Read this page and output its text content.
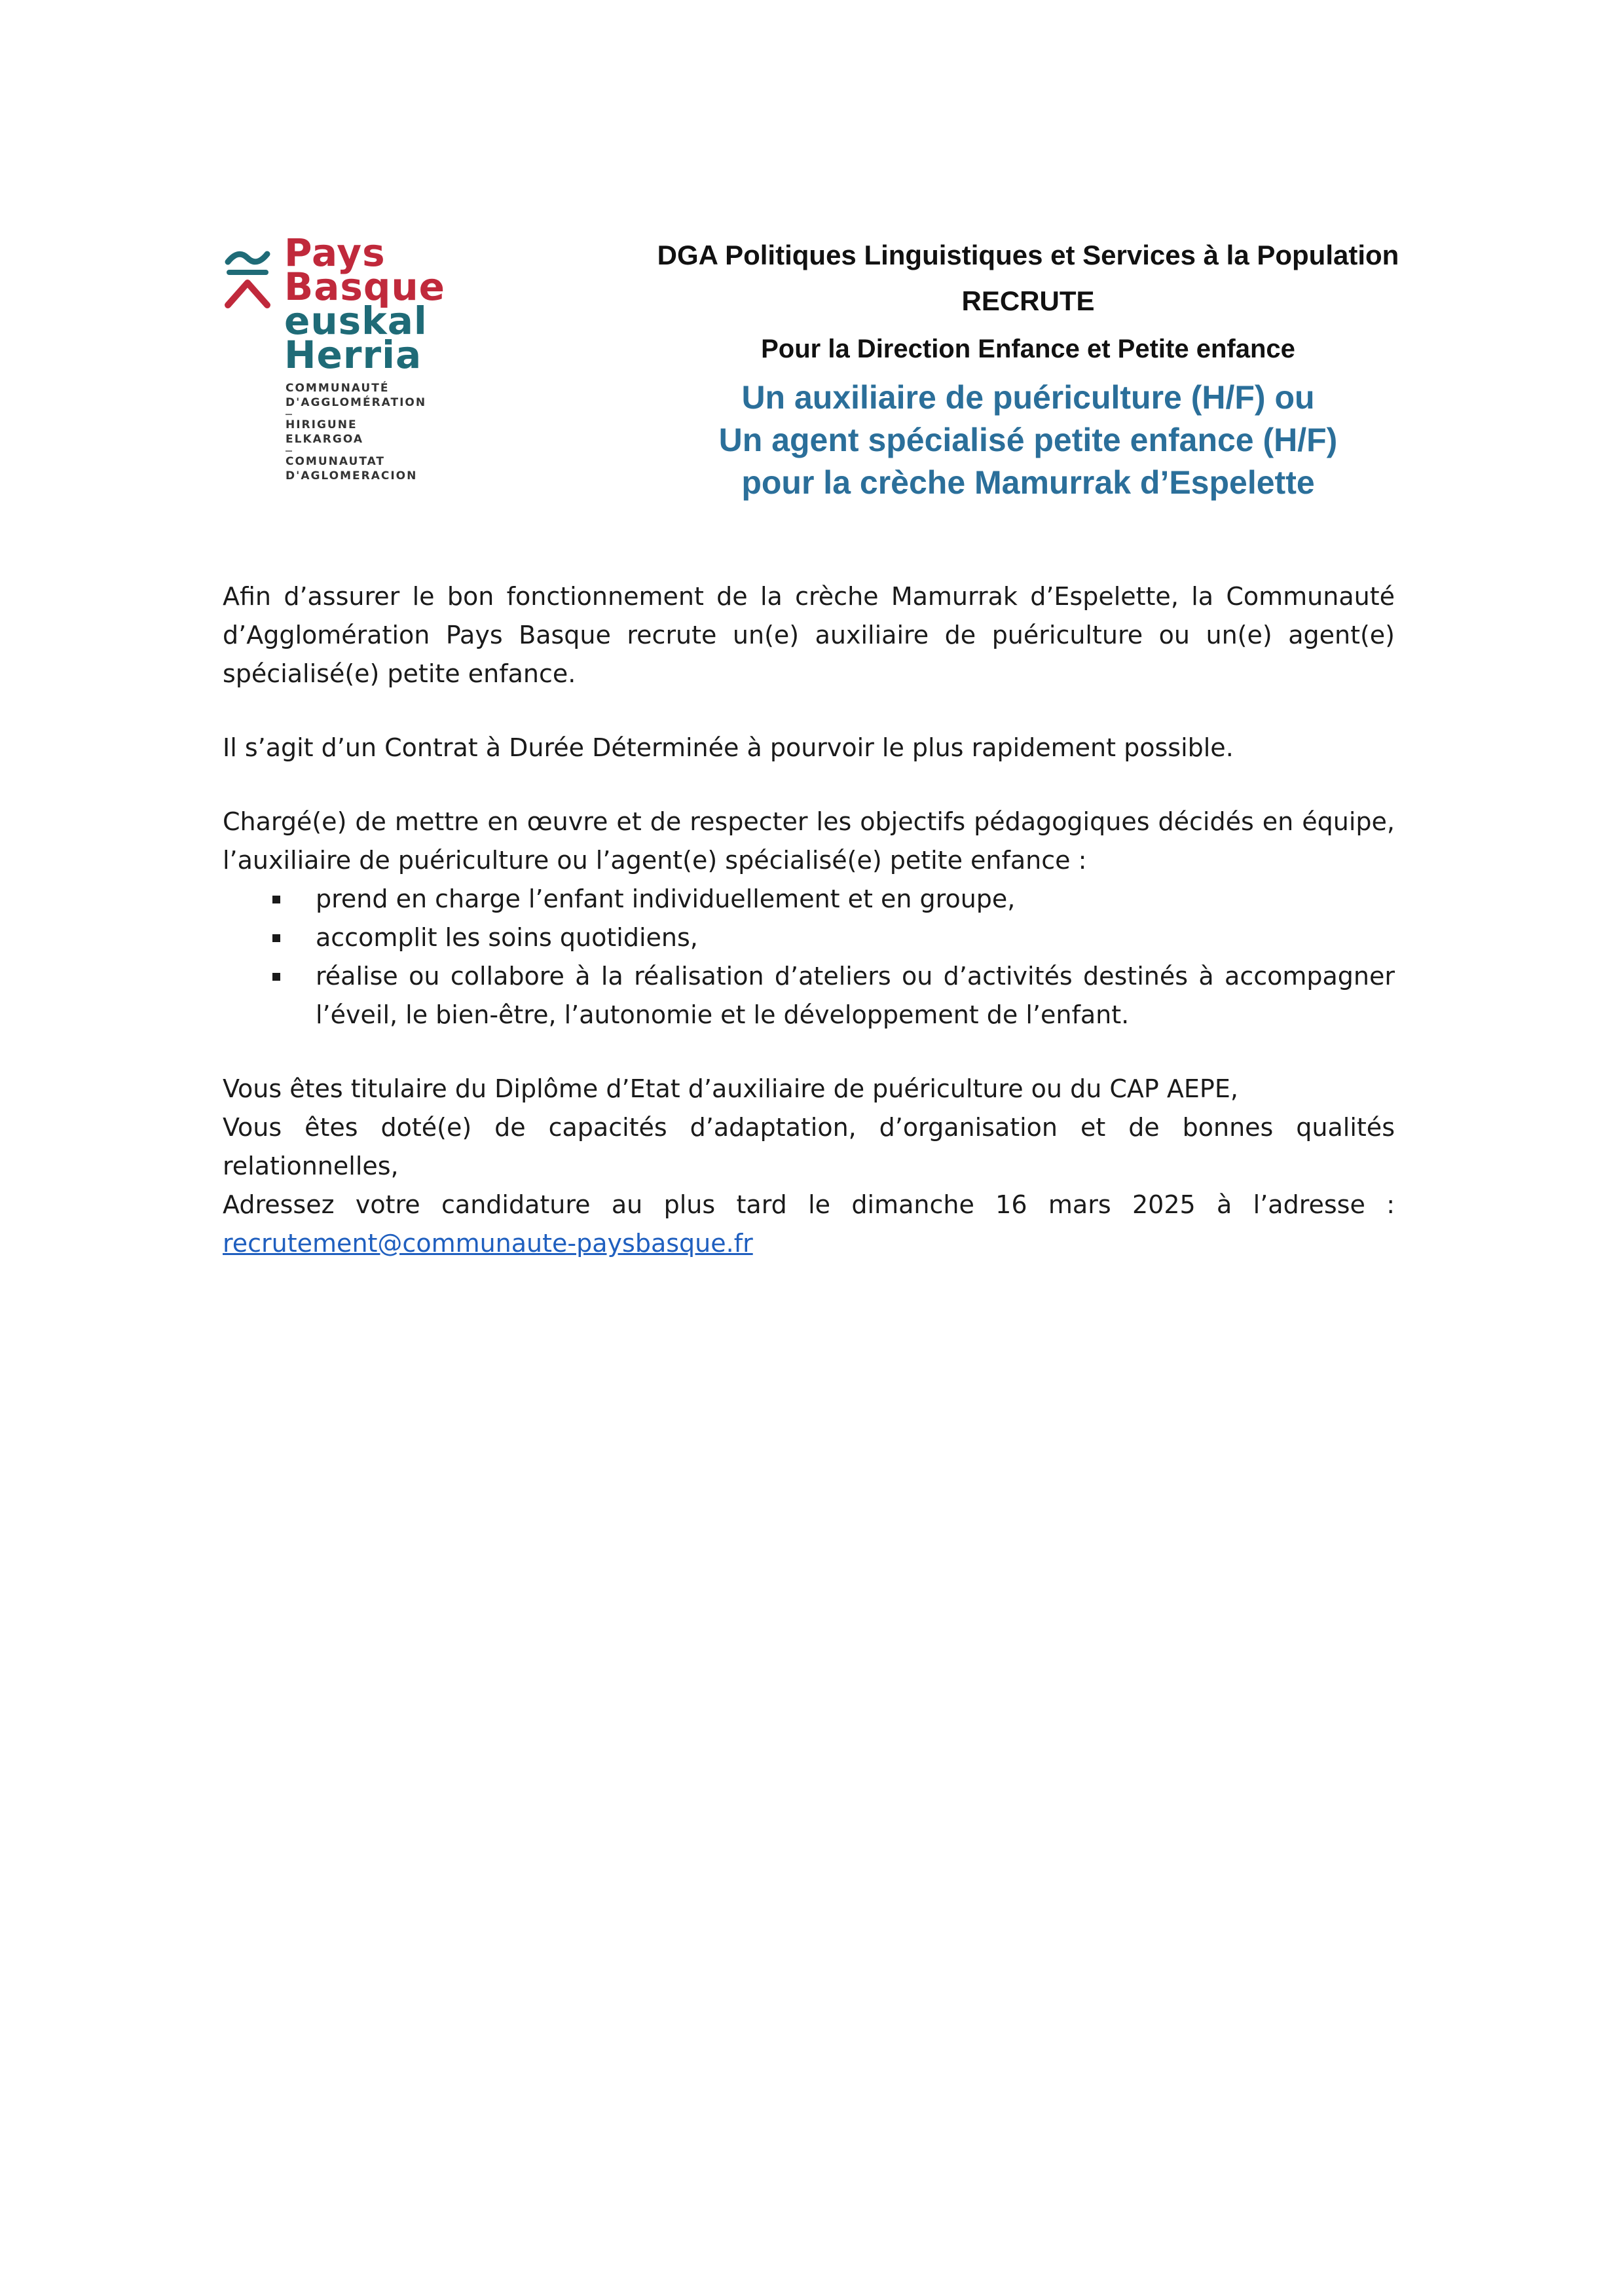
Pays
Basque
euskal
Herria
COMMUNAUTÉ
D'AGGLOMÉRATION
HIRIGUNE
ELKARGOA
COMUNAUTAT
D'AGLOMERACION
DGA Politiques Linguistiques et Services à la Population
RECRUTE
Pour la Direction Enfance et Petite enfance
Un auxiliaire de puériculture (H/F) ou
Un agent spécialisé petite enfance (H/F)
pour la crèche Mamurrak d’Espelette

Afin d’assurer le bon fonctionnement de la crèche Mamurrak d’Espelette, la Communauté d’Agglomération Pays Basque recrute un(e) auxiliaire de puériculture ou un(e) agent(e) spécialisé(e) petite enfance.

Il s’agit d’un Contrat à Durée Déterminée à pourvoir le plus rapidement possible.

Chargé(e) de mettre en œuvre et de respecter les objectifs pédagogiques décidés en équipe, l’auxiliaire de puériculture ou l’agent(e) spécialisé(e) petite enfance :

prend en charge l’enfant individuellement et en groupe,
accomplit les soins quotidiens,
réalise ou collabore à la réalisation d’ateliers ou d’activités destinés à accompagner l’éveil, le bien-être, l’autonomie et le développement de l’enfant.

Vous êtes titulaire du Diplôme d’Etat d’auxiliaire de puériculture ou du CAP AEPE,

Vous êtes doté(e) de capacités d’adaptation, d’organisation et de bonnes qualités relationnelles,

Adressez votre candidature au plus tard le dimanche 16 mars 2025 à l’adresse :

recrutement@communaute-paysbasque.fr
